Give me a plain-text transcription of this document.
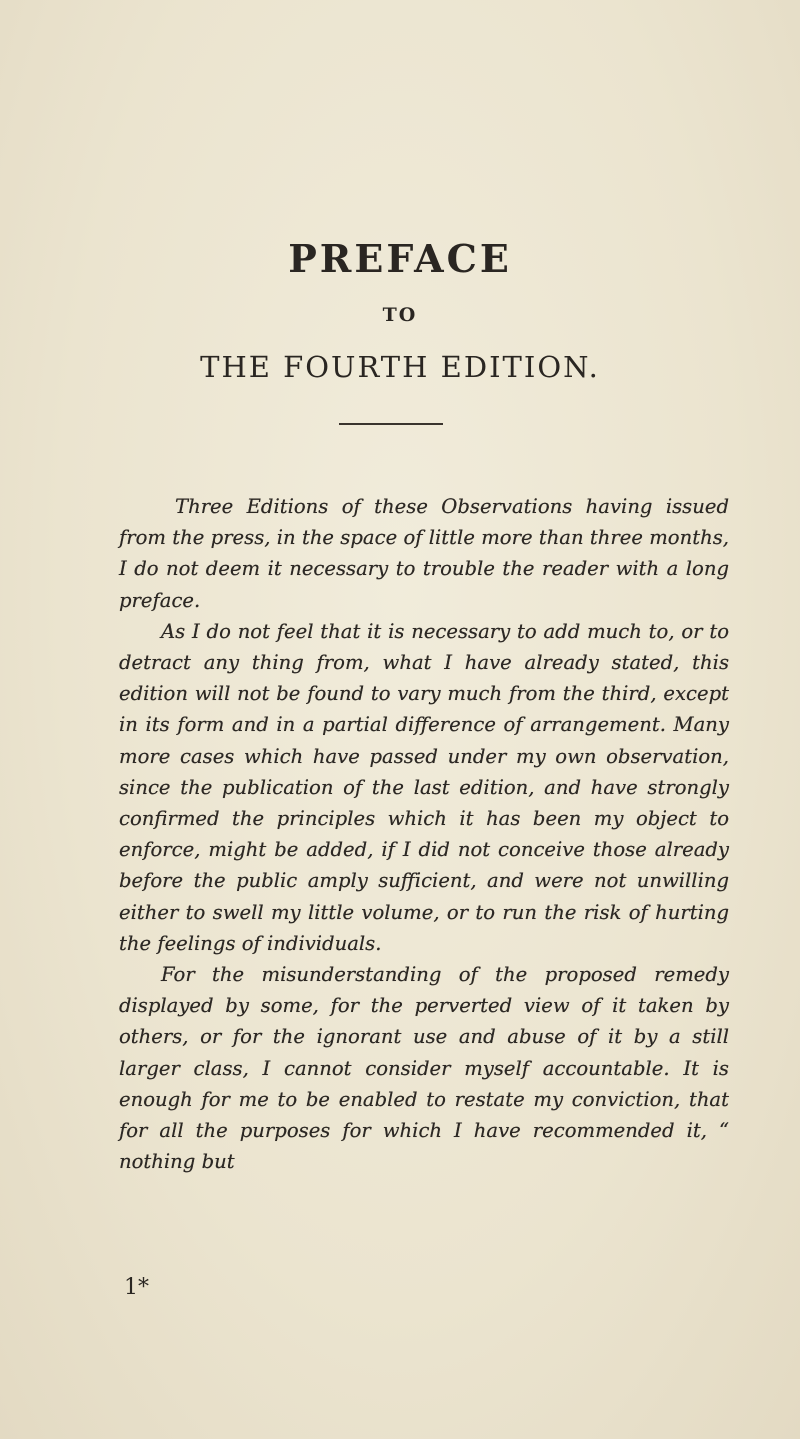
PREFACE
TO
THE FOURTH EDITION.

Three Editions of these Observations having issued from the press, in the space of little more than three months, I do not deem it necessary to trouble the reader with a long preface.

As I do not feel that it is necessary to add much to, or to detract any thing from, what I have already stated, this edition will not be found to vary much from the third, except in its form and in a partial difference of arrangement. Many more cases which have passed under my own observation, since the publication of the last edition, and have strongly confirmed the principles which it has been my object to enforce, might be added, if I did not conceive those already before the public amply sufficient, and were not unwilling either to swell my little volume, or to run the risk of hurting the feelings of individuals.

For the misunderstanding of the proposed remedy displayed by some, for the perverted view of it taken by others, or for the ignorant use and abuse of it by a still larger class, I cannot consider myself accountable. It is enough for me to be enabled to restate my conviction, that for all the purposes for which I have recommended it, “ nothing but

1*
